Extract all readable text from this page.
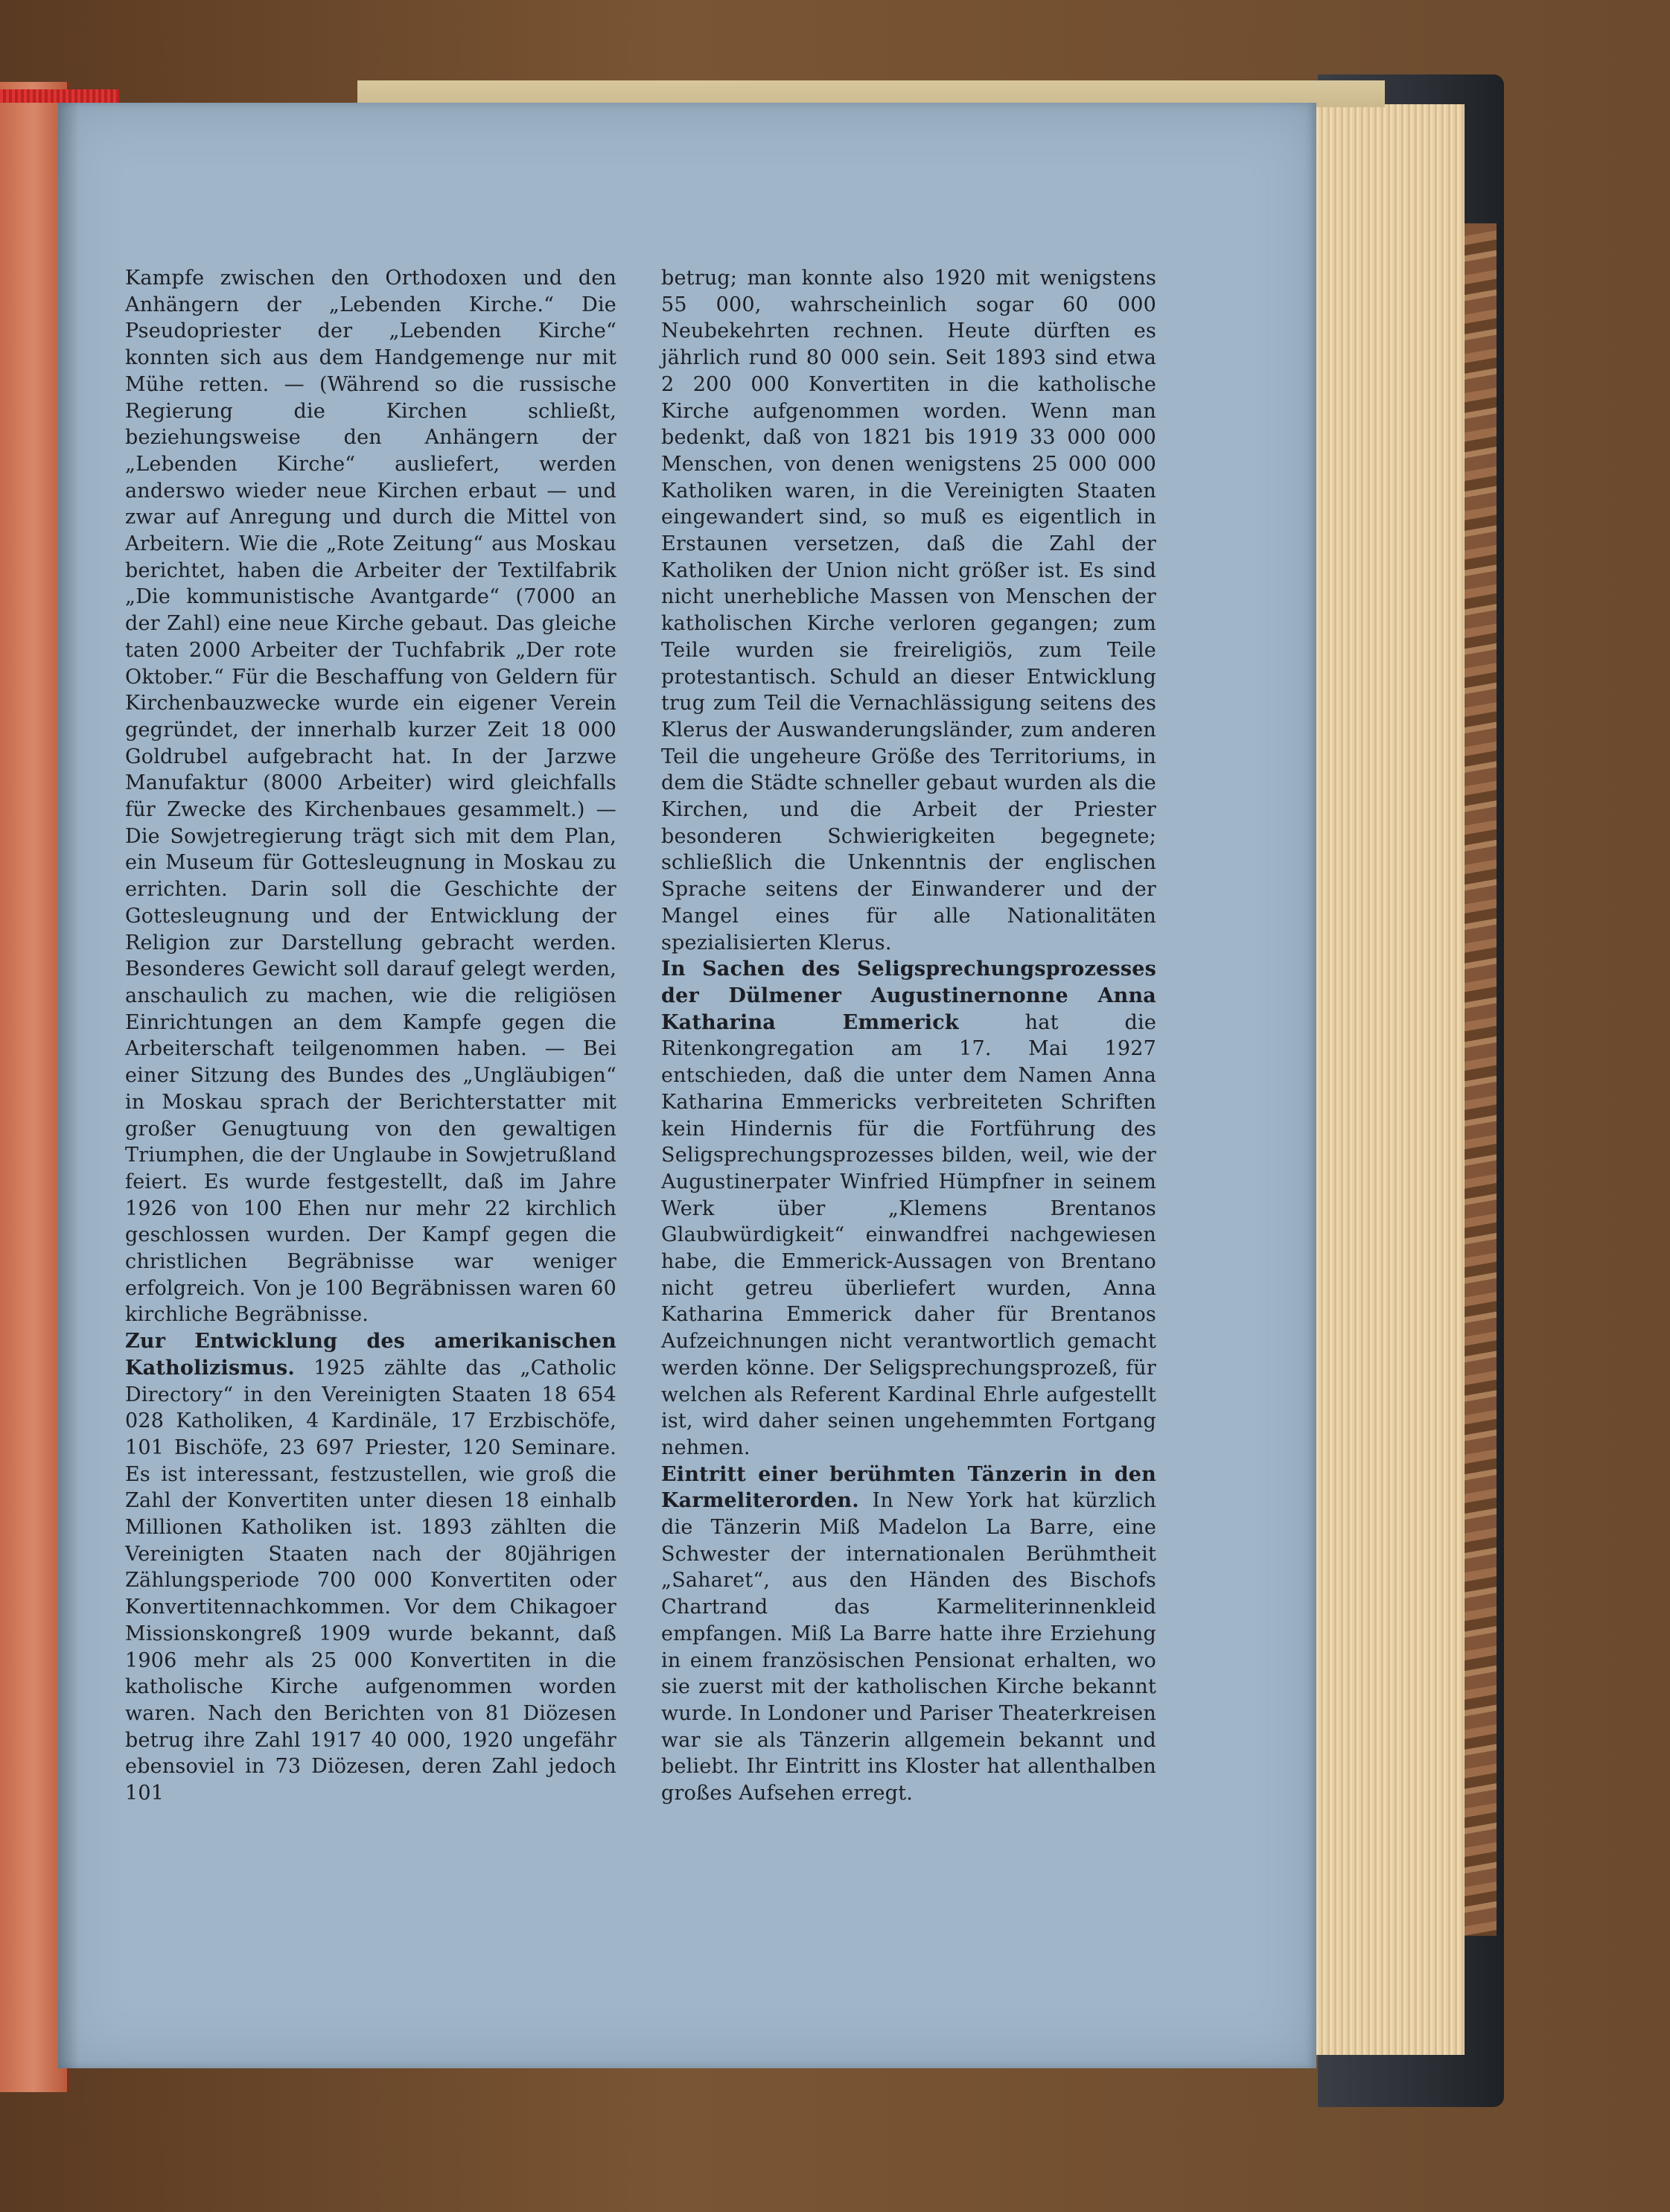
Kampfe zwischen den Orthodoxen und den Anhängern der „Lebenden Kirche.“ Die Pseudopriester der „Lebenden Kirche“ konnten sich aus dem Handgemenge nur mit Mühe retten. — (Während so die russische Regierung die Kirchen schließt, beziehungsweise den Anhängern der „Lebenden Kirche“ ausliefert, werden anderswo wieder neue Kirchen erbaut — und zwar auf Anregung und durch die Mittel von Arbeitern. Wie die „Rote Zeitung“ aus Moskau berichtet, haben die Arbeiter der Textilfabrik „Die kommunistische Avantgarde“ (7000 an der Zahl) eine neue Kirche gebaut. Das gleiche taten 2000 Arbeiter der Tuchfabrik „Der rote Oktober.“ Für die Beschaffung von Geldern für Kirchenbauzwecke wurde ein eigener Verein gegründet, der innerhalb kurzer Zeit 18 000 Goldrubel aufgebracht hat. In der Jarzwe Manufaktur (8000 Arbeiter) wird gleichfalls für Zwecke des Kirchenbaues gesammelt.) — Die Sowjetregierung trägt sich mit dem Plan, ein Museum für Gottesleugnung in Moskau zu errichten. Darin soll die Geschichte der Gottesleugnung und der Entwicklung der Religion zur Darstellung gebracht werden. Besonderes Gewicht soll darauf gelegt werden, anschaulich zu machen, wie die religiösen Einrichtungen an dem Kampfe gegen die Arbeiterschaft teilgenommen haben. — Bei einer Sitzung des Bundes des „Ungläubigen“ in Moskau sprach der Berichterstatter mit großer Genugtuung von den gewaltigen Triumphen, die der Unglaube in Sowjetrußland feiert. Es wurde festgestellt, daß im Jahre 1926 von 100 Ehen nur mehr 22 kirchlich geschlossen wurden. Der Kampf gegen die christlichen Begräbnisse war weniger erfolgreich. Von je 100 Begräbnissen waren 60 kirchliche Begräbnisse.

Zur Entwicklung des amerikanischen Katholizismus. 1925 zählte das „Catholic Directory“ in den Vereinigten Staaten 18 654 028 Katholiken, 4 Kardinäle, 17 Erzbischöfe, 101 Bischöfe, 23 697 Priester, 120 Seminare. Es ist interessant, festzustellen, wie groß die Zahl der Konvertiten unter diesen 18 einhalb Millionen Katholiken ist. 1893 zählten die Vereinigten Staaten nach der 80jährigen Zählungsperiode 700 000 Konvertiten oder Konvertitennachkommen. Vor dem Chikagoer Missionskongreß 1909 wurde bekannt, daß 1906 mehr als 25 000 Konvertiten in die katholische Kirche aufgenommen worden waren. Nach den Berichten von 81 Diözesen betrug ihre Zahl 1917 40 000, 1920 ungefähr ebensoviel in 73 Diözesen, deren Zahl jedoch 101

betrug; man konnte also 1920 mit wenigstens 55 000, wahrscheinlich sogar 60 000 Neubekehrten rechnen. Heute dürften es jährlich rund 80 000 sein. Seit 1893 sind etwa 2 200 000 Konvertiten in die katholische Kirche aufgenommen worden. Wenn man bedenkt, daß von 1821 bis 1919 33 000 000 Menschen, von denen wenigstens 25 000 000 Katholiken waren, in die Vereinigten Staaten eingewandert sind, so muß es eigentlich in Erstaunen versetzen, daß die Zahl der Katholiken der Union nicht größer ist. Es sind nicht unerhebliche Massen von Menschen der katholischen Kirche verloren gegangen; zum Teile wurden sie freireligiös, zum Teile protestantisch. Schuld an dieser Entwicklung trug zum Teil die Vernachlässigung seitens des Klerus der Auswanderungsländer, zum anderen Teil die ungeheure Größe des Territoriums, in dem die Städte schneller gebaut wurden als die Kirchen, und die Arbeit der Priester besonderen Schwierigkeiten begegnete; schließlich die Unkenntnis der englischen Sprache seitens der Einwanderer und der Mangel eines für alle Nationalitäten spezialisierten Klerus.

In Sachen des Seligsprechungsprozesses der Dülmener Augustinernonne Anna Katharina Emmerick hat die Ritenkongregation am 17. Mai 1927 entschieden, daß die unter dem Namen Anna Katharina Emmericks verbreiteten Schriften kein Hindernis für die Fortführung des Seligsprechungsprozesses bilden, weil, wie der Augustinerpater Winfried Hümpfner in seinem Werk über „Klemens Brentanos Glaubwürdigkeit“ einwandfrei nachgewiesen habe, die Emmerick-Aussagen von Brentano nicht getreu überliefert wurden, Anna Katharina Emmerick daher für Brentanos Aufzeichnungen nicht verantwortlich gemacht werden könne. Der Seligsprechungsprozeß, für welchen als Referent Kardinal Ehrle aufgestellt ist, wird daher seinen ungehemmten Fortgang nehmen.

Eintritt einer berühmten Tänzerin in den Karmeliterorden. In New York hat kürzlich die Tänzerin Miß Madelon La Barre, eine Schwester der internationalen Berühmtheit „Saharet“, aus den Händen des Bischofs Chartrand das Karmeliterinnenkleid empfangen. Miß La Barre hatte ihre Erziehung in einem französischen Pensionat erhalten, wo sie zuerst mit der katholischen Kirche bekannt wurde. In Londoner und Pariser Theaterkreisen war sie als Tänzerin allgemein bekannt und beliebt. Ihr Eintritt ins Kloster hat allenthalben großes Aufsehen erregt.
